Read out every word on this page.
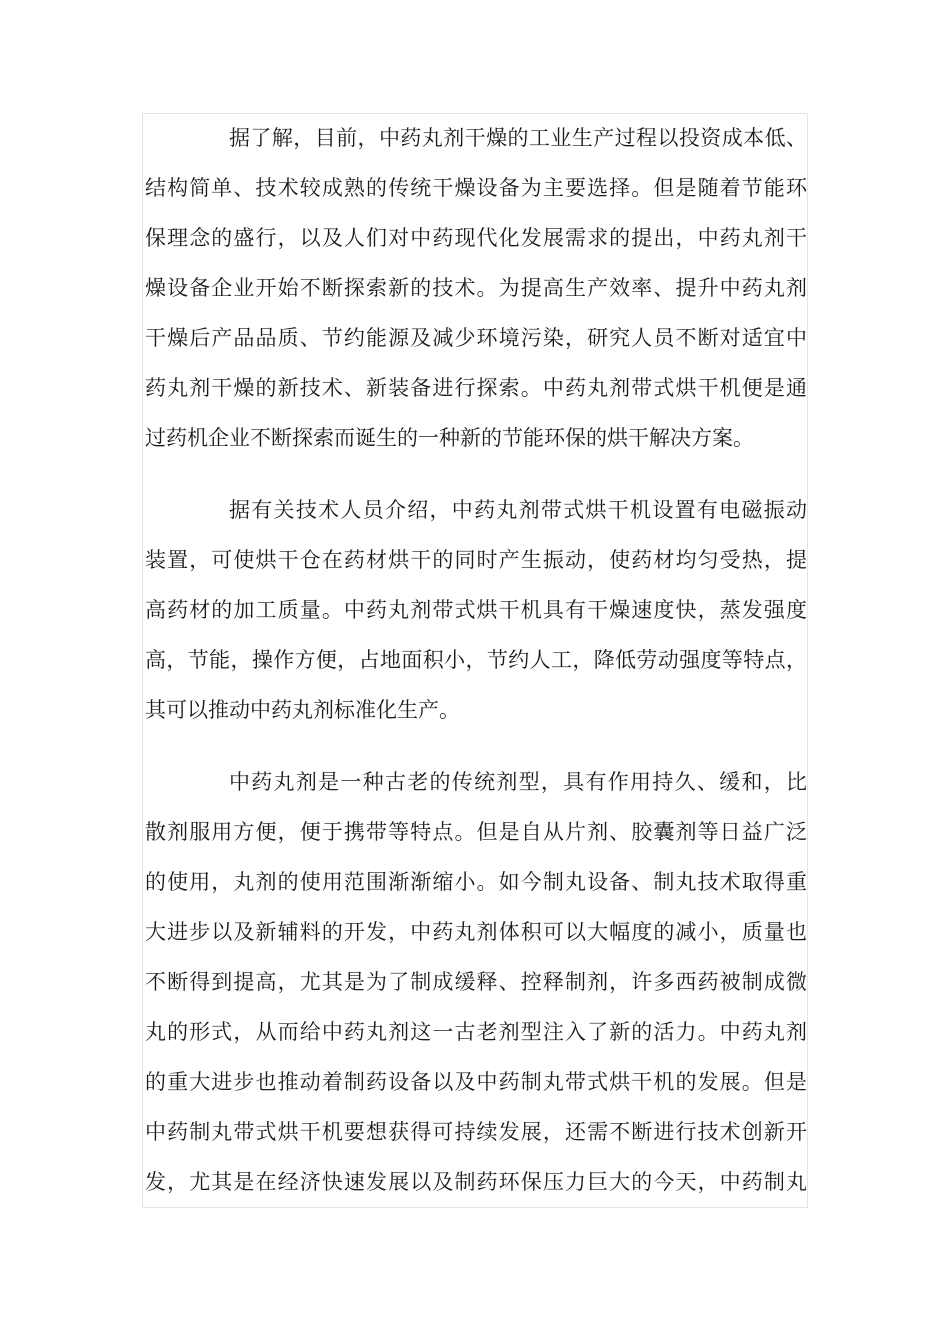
据了解，目前，中药丸剂干燥的工业生产过程以投资成本低、
结构简单、技术较成熟的传统干燥设备为主要选择。但是随着节能环
保理念的盛行，以及人们对中药现代化发展需求的提出，中药丸剂干
燥设备企业开始不断探索新的技术。为提高生产效率、提升中药丸剂
干燥后产品品质、节约能源及减少环境污染，研究人员不断对适宜中
药丸剂干燥的新技术、新装备进行探索。中药丸剂带式烘干机便是通
过药机企业不断探索而诞生的一种新的节能环保的烘干解决方案。
据有关技术人员介绍，中药丸剂带式烘干机设置有电磁振动
装置，可使烘干仓在药材烘干的同时产生振动，使药材均匀受热，提
高药材的加工质量。中药丸剂带式烘干机具有干燥速度快，蒸发强度
高，节能，操作方便，占地面积小，节约人工，降低劳动强度等特点，
其可以推动中药丸剂标准化生产。
中药丸剂是一种古老的传统剂型，具有作用持久、缓和，比
散剂服用方便，便于携带等特点。但是自从片剂、胶囊剂等日益广泛
的使用，丸剂的使用范围渐渐缩小。如今制丸设备、制丸技术取得重
大进步以及新辅料的开发，中药丸剂体积可以大幅度的减小，质量也
不断得到提高，尤其是为了制成缓释、控释制剂，许多西药被制成微
丸的形式，从而给中药丸剂这一古老剂型注入了新的活力。中药丸剂
的重大进步也推动着制药设备以及中药制丸带式烘干机的发展。但是
中药制丸带式烘干机要想获得可持续发展，还需不断进行技术创新开
发，尤其是在经济快速发展以及制药环保压力巨大的今天，中药制丸
